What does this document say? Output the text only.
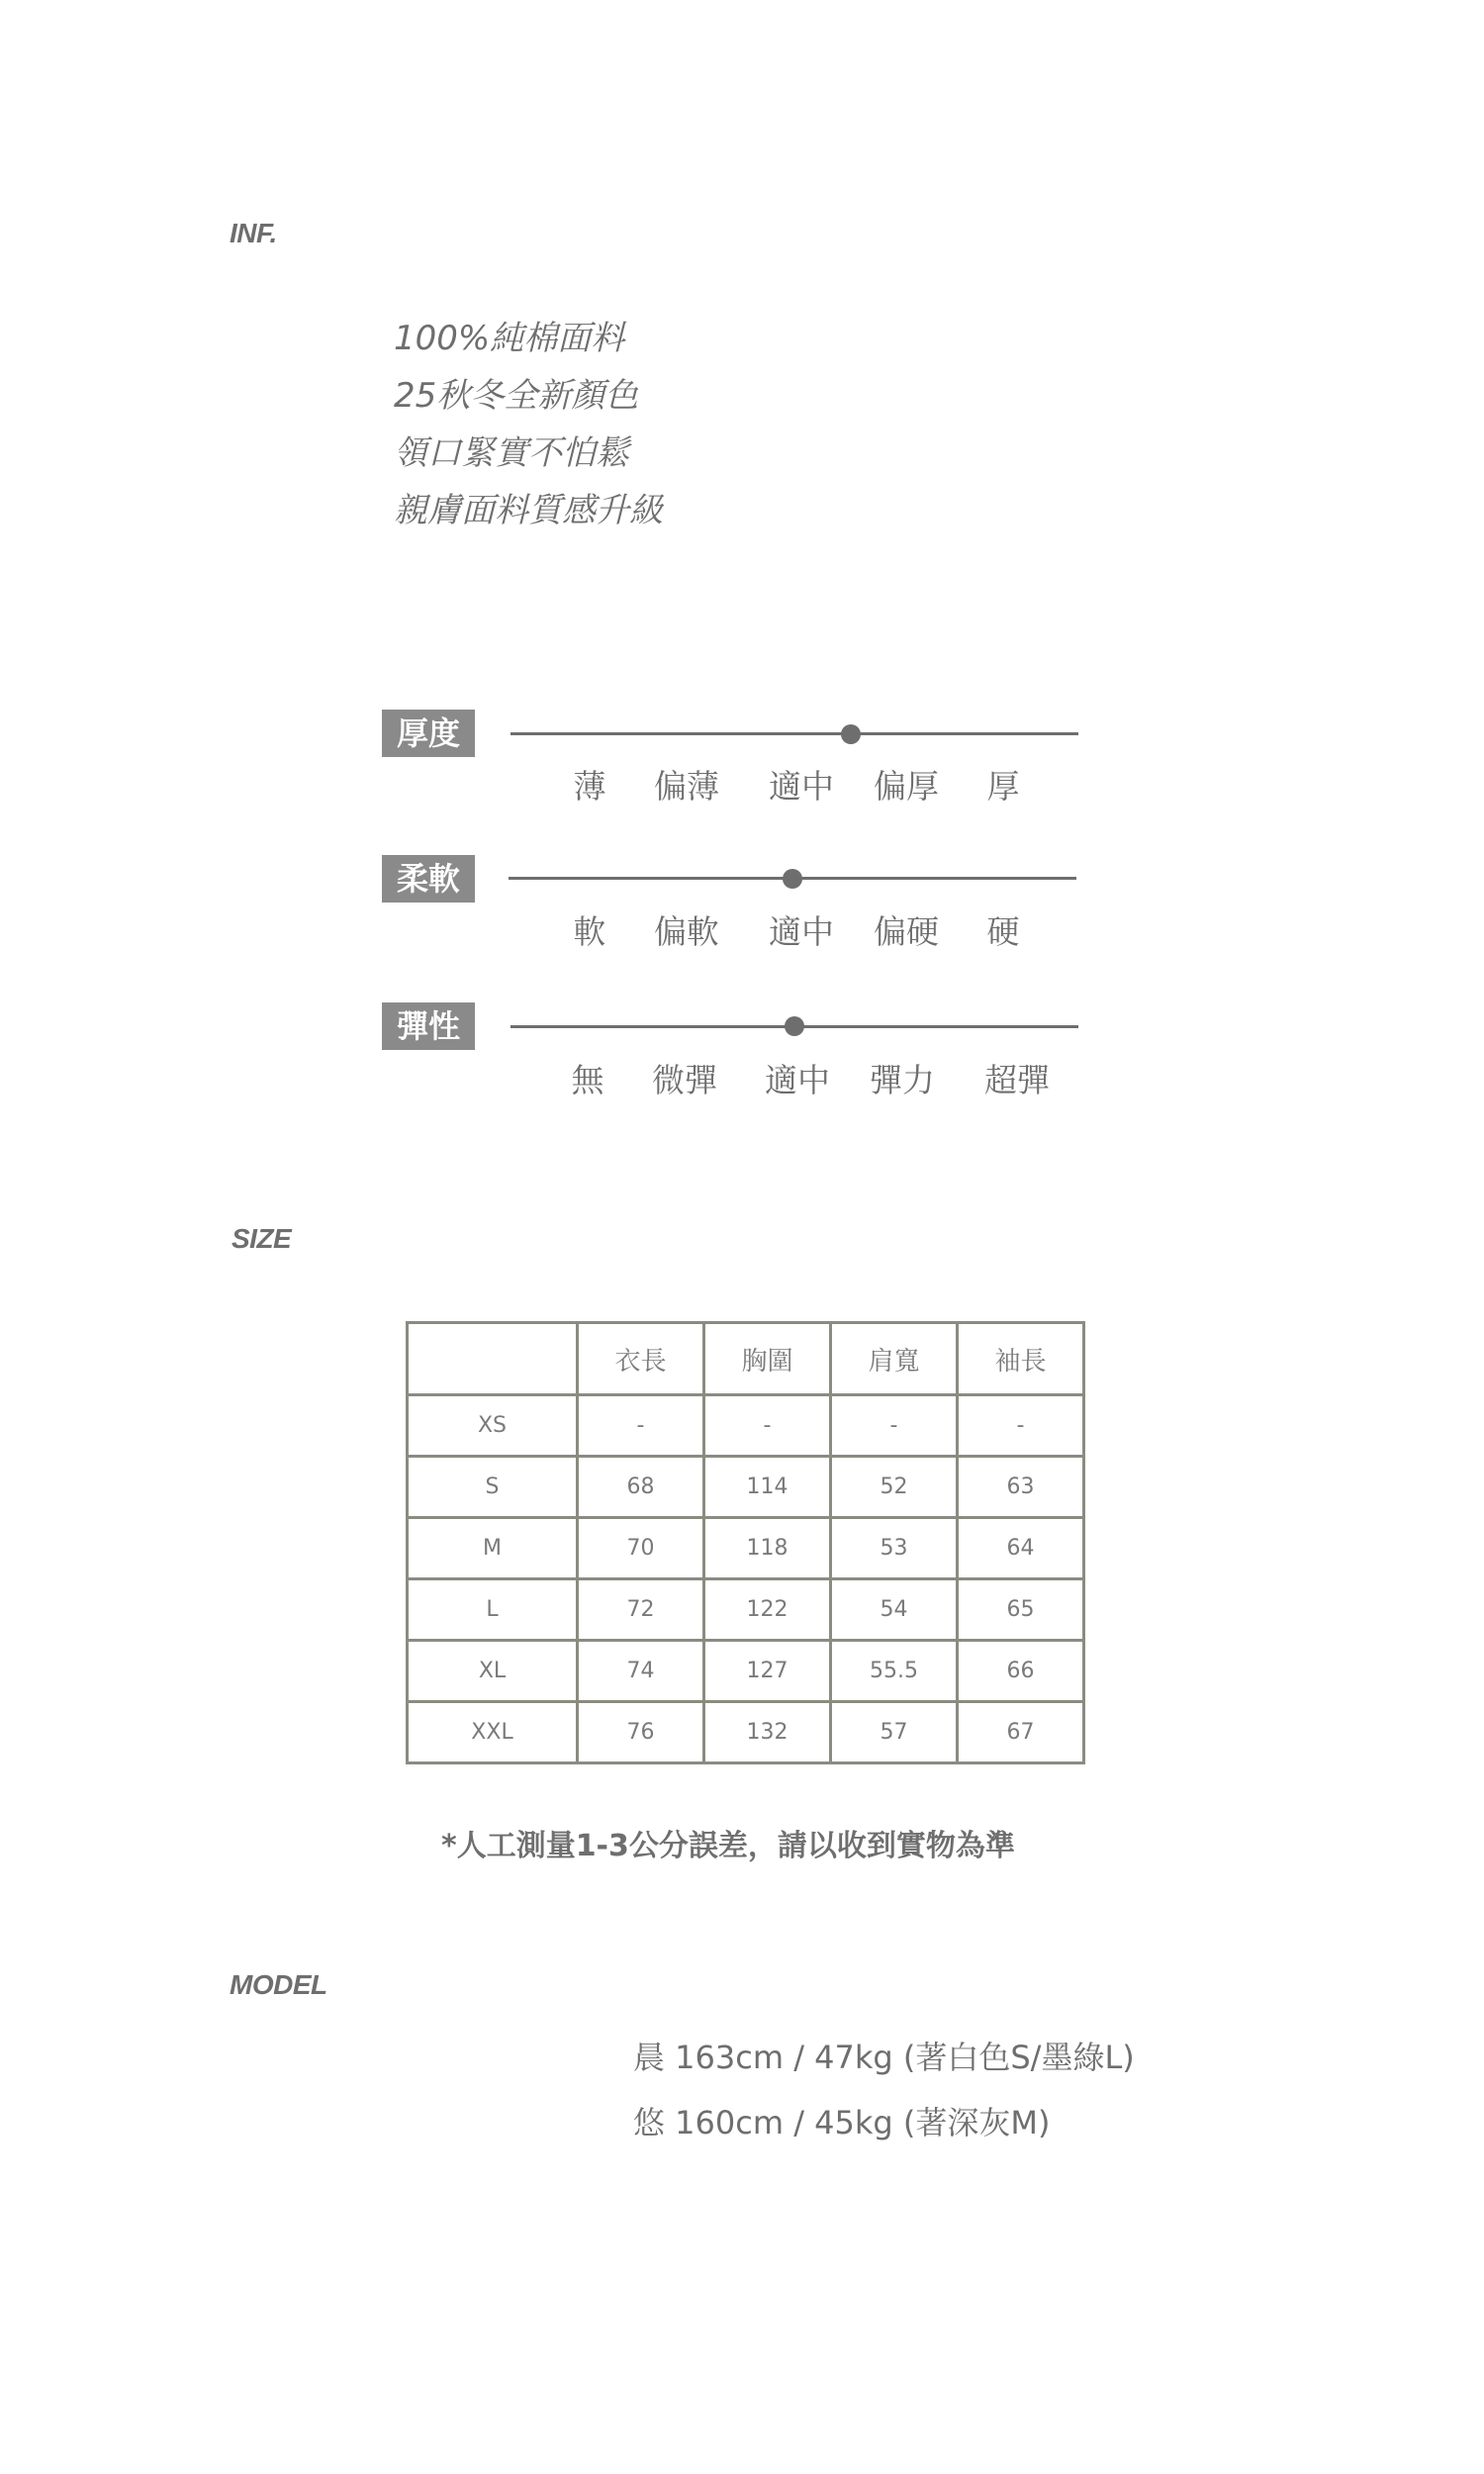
INF.
100%純棉面料
25秋冬全新顏色
領口緊實不怕鬆
親膚面料質感升級
厚度
薄	偏薄	適中	偏厚	厚
柔軟
軟	偏軟	適中	偏硬	硬
彈性
無	微彈	適中	彈力	超彈
SIZE
	衣長	胸圍	肩寬	袖長
XS	-	-	-	-
S	68	114	52	63
M	70	118	53	64
L	72	122	54	65
XL	74	127	55.5	66
XXL	76	132	57	67
*人工測量1-3公分誤差，請以收到實物為準
MODEL
晨 163cm / 47kg (著白色S/墨綠L)
悠 160cm / 45kg (著深灰M)
